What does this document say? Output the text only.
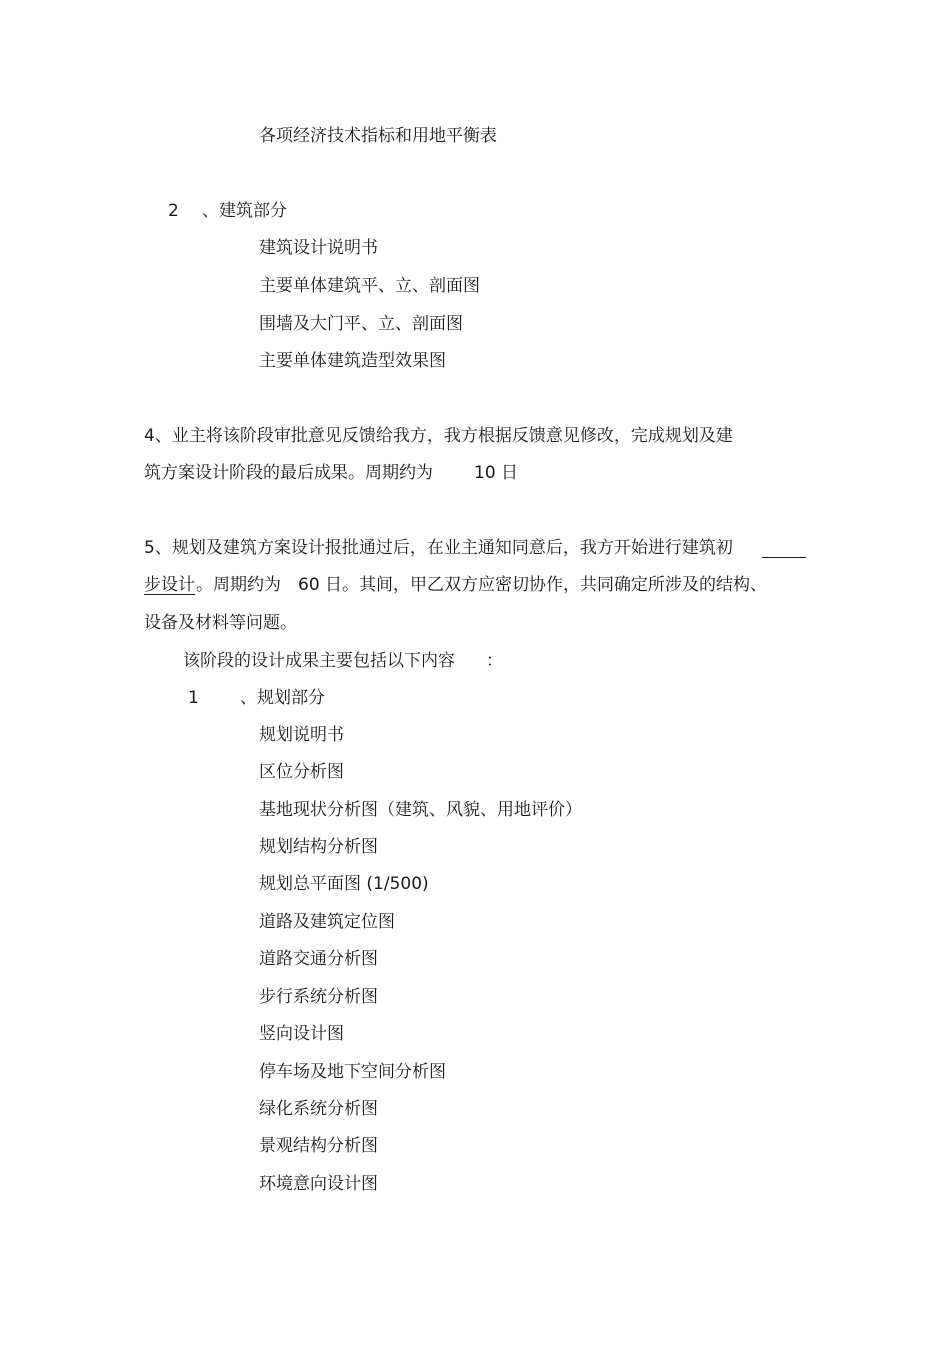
各项经济技术指标和用地平衡表
2 、建筑部分
建筑设计说明书
主要单体建筑平、立、剖面图
围墙及大门平、立、剖面图
主要单体建筑造型效果图
4、业主将该阶段审批意见反馈给我方，我方根据反馈意见修改，完成规划及建
筑方案设计阶段的最后成果。周期约为 10 日
5、规划及建筑方案设计报批通过后，在业主通知同意后，我方开始进行建筑初
步设计 。周期约为 60 日。其间，甲乙双方应密切协作，共同确定所涉及的结构、
设备及材料等问题。
该阶段的设计成果主要包括以下内容 ：
1 、规划部分
规划说明书
区位分析图
基地现状分析图（建筑、风貌、用地评价）
规划结构分析图
规划总平面图 (1/500)
道路及建筑定位图
道路交通分析图
步行系统分析图
竖向设计图
停车场及地下空间分析图
绿化系统分析图
景观结构分析图
环境意向设计图
